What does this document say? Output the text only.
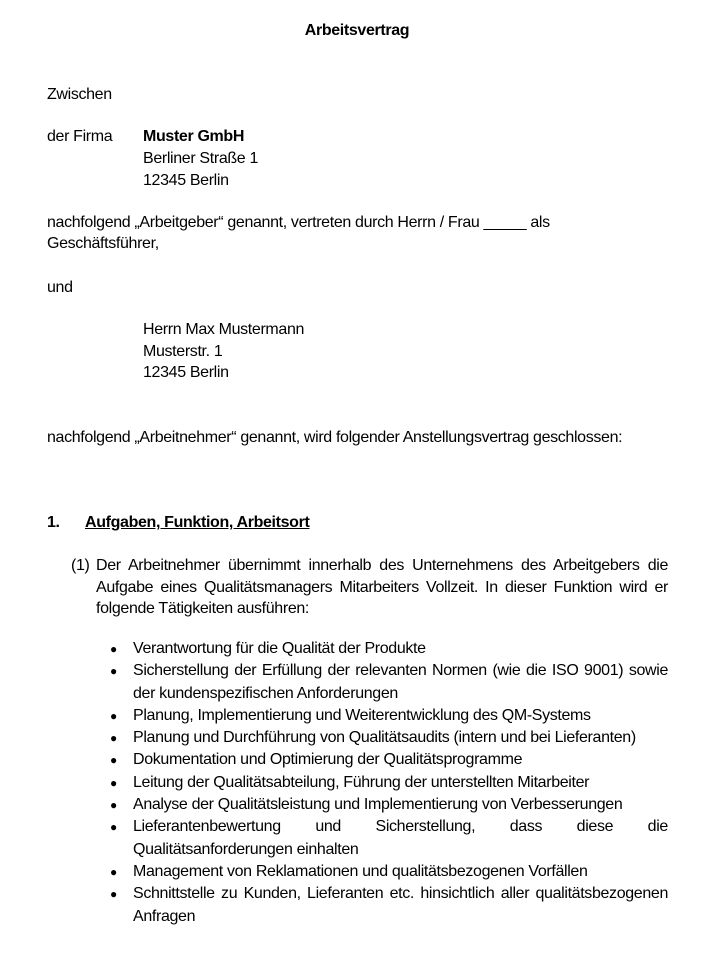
Arbeitsvertrag
Zwischen
der Firma Muster GmbH
Berliner Straße 1
12345 Berlin
nachfolgend „Arbeitgeber“ genannt, vertreten durch Herrn / Frau _____ als
Geschäftsführer,
und
Herrn Max Mustermann
Musterstr. 1
12345 Berlin
nachfolgend „Arbeitnehmer“ genannt, wird folgender Anstellungsvertrag geschlossen:
1. Aufgaben, Funktion, Arbeitsort
(1) Der Arbeitnehmer übernimmt innerhalb des Unternehmens des Arbeitgebers die Aufgabe eines Qualitätsmanagers Mitarbeiters Vollzeit. In dieser Funktion wird er folgende Tätigkeiten ausführen:
● Verantwortung für die Qualität der Produkte
● Sicherstellung der Erfüllung der relevanten Normen (wie die ISO 9001) sowie der kundenspezifischen Anforderungen
● Planung, Implementierung und Weiterentwicklung des QM-Systems
● Planung und Durchführung von Qualitätsaudits (intern und bei Lieferanten)
● Dokumentation und Optimierung der Qualitätsprogramme
● Leitung der Qualitätsabteilung, Führung der unterstellten Mitarbeiter
● Analyse der Qualitätsleistung und Implementierung von Verbesserungen
● Lieferantenbewertung und Sicherstellung, dass diese die Qualitätsanforderungen einhalten
● Management von Reklamationen und qualitätsbezogenen Vorfällen
● Schnittstelle zu Kunden, Lieferanten etc. hinsichtlich aller qualitätsbezogenen Anfragen
